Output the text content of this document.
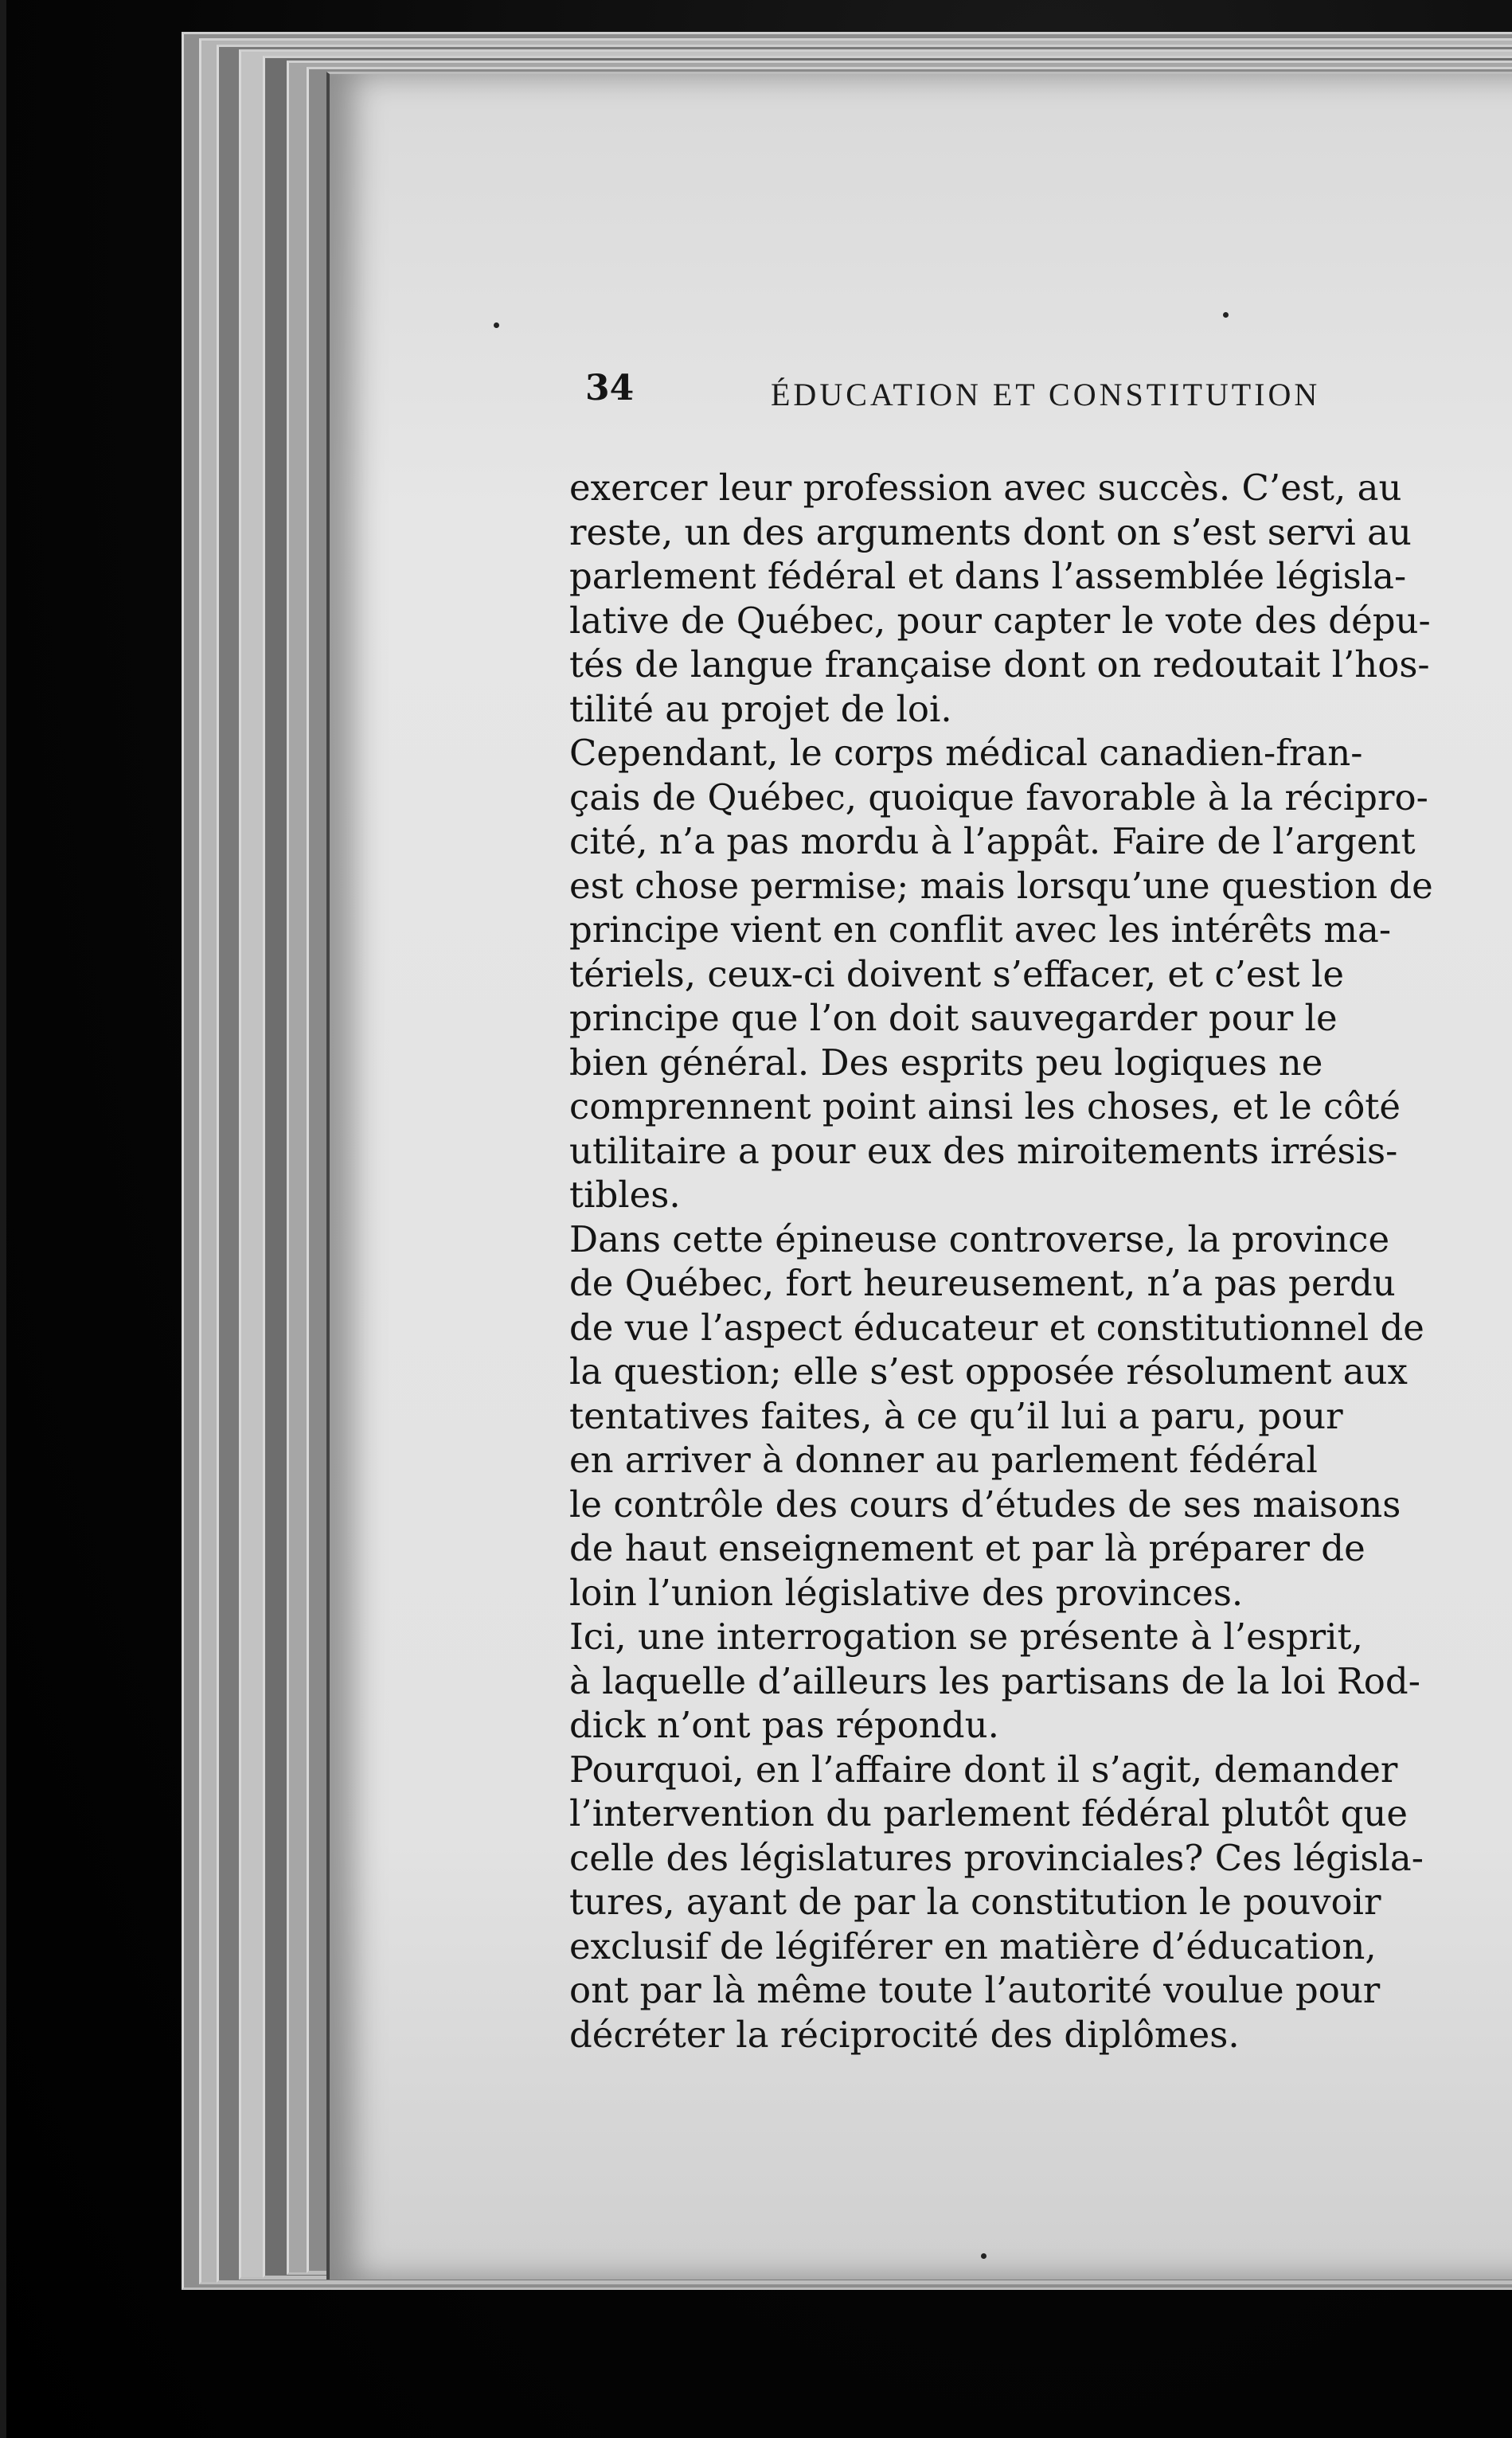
34	ÉDUCATION ET CONSTITUTION
exercer leur profession avec succès. C’est, au
reste, un des arguments dont on s’est servi au
parlement fédéral et dans l’assemblée législa-
lative de Québec, pour capter le vote des dépu-
tés de langue française dont on redoutait l’hos-
tilité au projet de loi.
Cependant, le corps médical canadien-fran-
çais de Québec, quoique favorable à la récipro-
cité, n’a pas mordu à l’appât. Faire de l’argent
est chose permise; mais lorsqu’une question de
principe vient en conflit avec les intérêts ma-
tériels, ceux-ci doivent s’effacer, et c’est le
principe que l’on doit sauvegarder pour le
bien général. Des esprits peu logiques ne
comprennent point ainsi les choses, et le côté
utilitaire a pour eux des miroitements irrésis-
tibles.
Dans cette épineuse controverse, la province
de Québec, fort heureusement, n’a pas perdu
de vue l’aspect éducateur et constitutionnel de
la question; elle s’est opposée résolument aux
tentatives faites, à ce qu’il lui a paru, pour
en arriver à donner au parlement fédéral
le contrôle des cours d’études de ses maisons
de haut enseignement et par là préparer de
loin l’union législative des provinces.
Ici, une interrogation se présente à l’esprit,
à laquelle d’ailleurs les partisans de la loi Rod-
dick n’ont pas répondu.
Pourquoi, en l’affaire dont il s’agit, demander
l’intervention du parlement fédéral plutôt que
celle des législatures provinciales? Ces législa-
tures, ayant de par la constitution le pouvoir
exclusif de légiférer en matière d’éducation,
ont par là même toute l’autorité voulue pour
décréter la réciprocité des diplômes.
